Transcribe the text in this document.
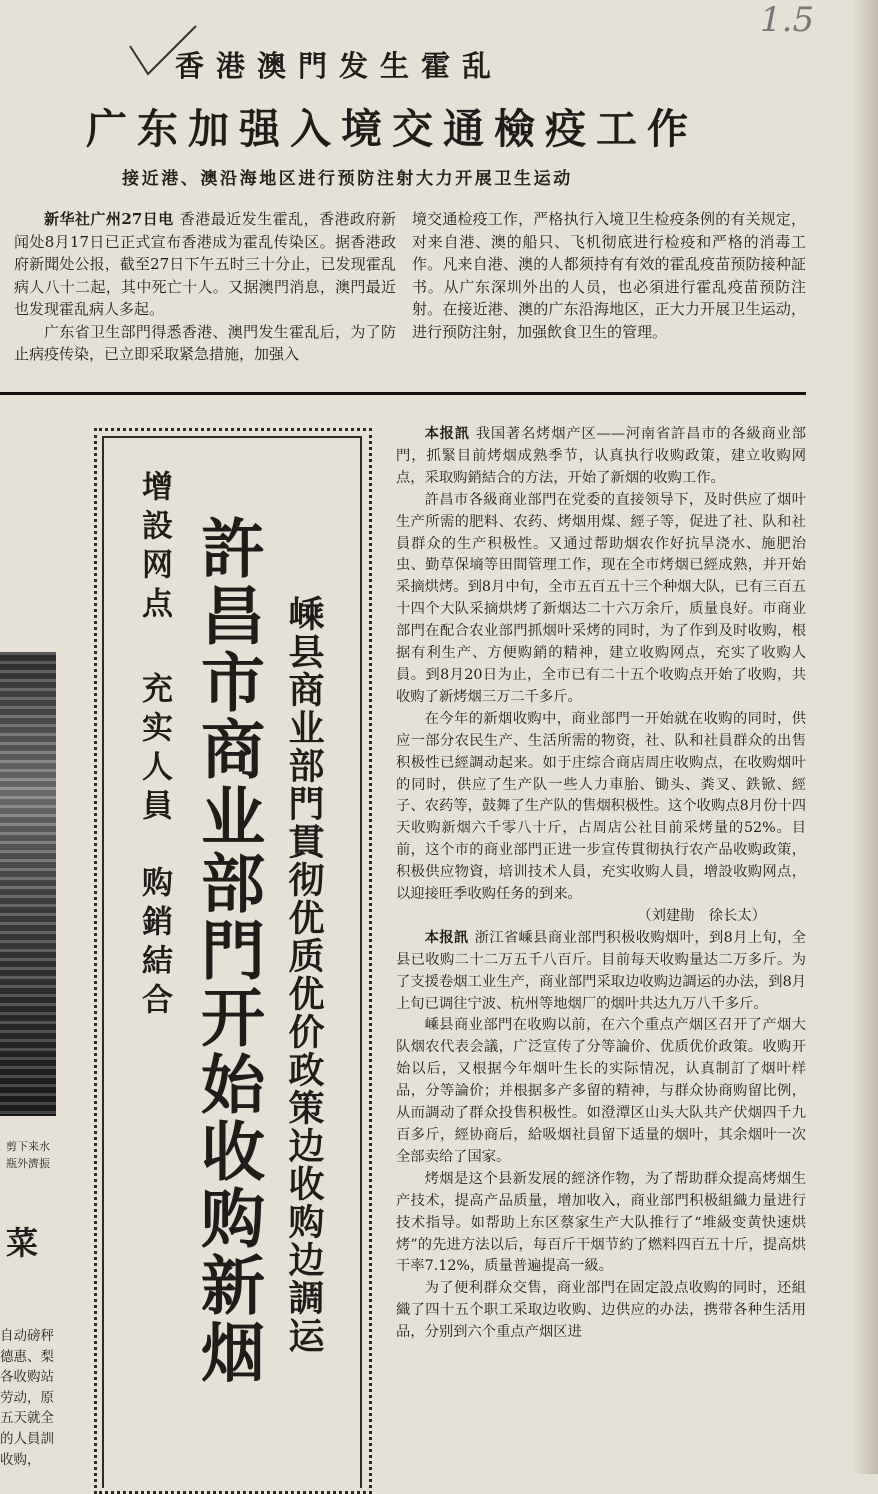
1.5
香港澳門发生霍乱
广东加强入境交通檢疫工作
接近港、澳沿海地区进行预防注射大力开展卫生运动

新华社广州27日电 香港最近发生霍乱，香港政府新闻处8月17日已正式宣布香港成为霍乱传染区。据香港政府新聞处公报，截至27日下午五时三十分止，已发现霍乱病人八十二起，其中死亡十人。又据澳門消息，澳門最近也发现霍乱病人多起。

广东省卫生部門得悉香港、澳門发生霍乱后，为了防止病疫传染，已立即采取紧急措施，加强入

境交通检疫工作，严格执行入境卫生检疫条例的有关规定，对来自港、澳的船只、飞机彻底进行检疫和严格的消毒工作。凡来自港、澳的人都须持有有效的霍乱疫苗预防接种証书。从广东深圳外出的人员，也必須进行霍乱疫苗预防注射。在接近港、澳的广东沿海地区，正大力开展卫生运动，进行预防注射，加强飲食卫生的管理。

剪下来水瓶外濟振
菜
自动磅秤
德惠、梨
各收购站
劳动，原
五天就全
的人員訓
收购，
增設网点
充实人員
购銷結合 許昌市商业部門开始收购新烟 嵊县商业部門貫彻优质优价政策边收购边調运

本报訊 我国著名烤烟产区——河南省許昌市的各級商业部門，抓緊目前烤烟成熟季节，认真执行收购政策，建立收购网点，采取购銷結合的方法，开始了新烟的收购工作。

許昌市各級商业部門在党委的直接领导下，及时供应了烟叶生产所需的肥料、农药、烤烟用煤、經子等，促进了社、队和社員群众的生产积极性。又通过帮助烟农作好抗旱浇水、施肥治虫、勤草保墒等田間管理工作，现在全市烤烟已經成熟，并开始采摘烘烤。到8月中旬，全市五百五十三个种烟大队，已有三百五十四个大队采摘烘烤了新烟达二十六万余斤，质量良好。市商业部門在配合农业部門抓烟叶采烤的同时，为了作到及时收购，根据有利生产、方便购銷的精神，建立收购网点，充实了收购人員。到8月20日为止，全市已有二十五个收购点开始了收购，共收购了新烤烟三万二千多斤。

在今年的新烟收购中，商业部門一开始就在收购的同时，供应一部分农民生产、生活所需的物资，社、队和社員群众的出售积极性已經調动起来。如于庄综合商店周庄收购点，在收购烟叶的同时，供应了生产队一些人力車胎、锄头、粪叉、鉄锨、經子、农药等，鼓舞了生产队的售烟积极性。这个收购点8月份十四天收购新烟六千零八十斤，占周店公社目前采烤量的52%。目前，这个市的商业部門正进一步宣传貫彻执行农产品收购政策，积极供应物資，培训技术人員，充实收购人員，增設收购网点，以迎接旺季收购任务的到来。

（刘建勛　徐长太）

本报訊 浙江省嵊县商业部門积极收购烟叶，到8月上旬，全县已收购二十二万五千八百斤。目前每天收购量达二万多斤。为了支援卷烟工业生产，商业部門采取边收购边調运的办法，到8月上旬已调往宁波、杭州等地烟厂的烟叶共达九万八千多斤。

嵊县商业部門在收购以前，在六个重点产烟区召开了产烟大队烟农代表会議，广泛宣传了分等論价、优质优价政策。收购开始以后，又根据今年烟叶生长的实际情况，认真制訂了烟叶样品，分等論价；并根据多产多留的精神，与群众协商购留比例，从而調动了群众投售积极性。如澄潭区山头大队共产伏烟四千九百多斤，經协商后，給吸烟社員留下适量的烟叶，其余烟叶一次全部卖给了国家。

烤烟是这个县新发展的經济作物，为了帮助群众提高烤烟生产技术，提高产品质量，增加收入，商业部門积极組織力量进行技术指导。如帮助上东区蔡家生产大队推行了“堆級变黄快速烘烤”的先进方法以后，每百斤干烟节約了燃料四百五十斤，提高烘干率7.12%，质量普遍提高一級。

为了便利群众交售，商业部門在固定設点收购的同时，还組織了四十五个职工采取边收购、边供应的办法，携带各种生活用品，分别到六个重点产烟区进
